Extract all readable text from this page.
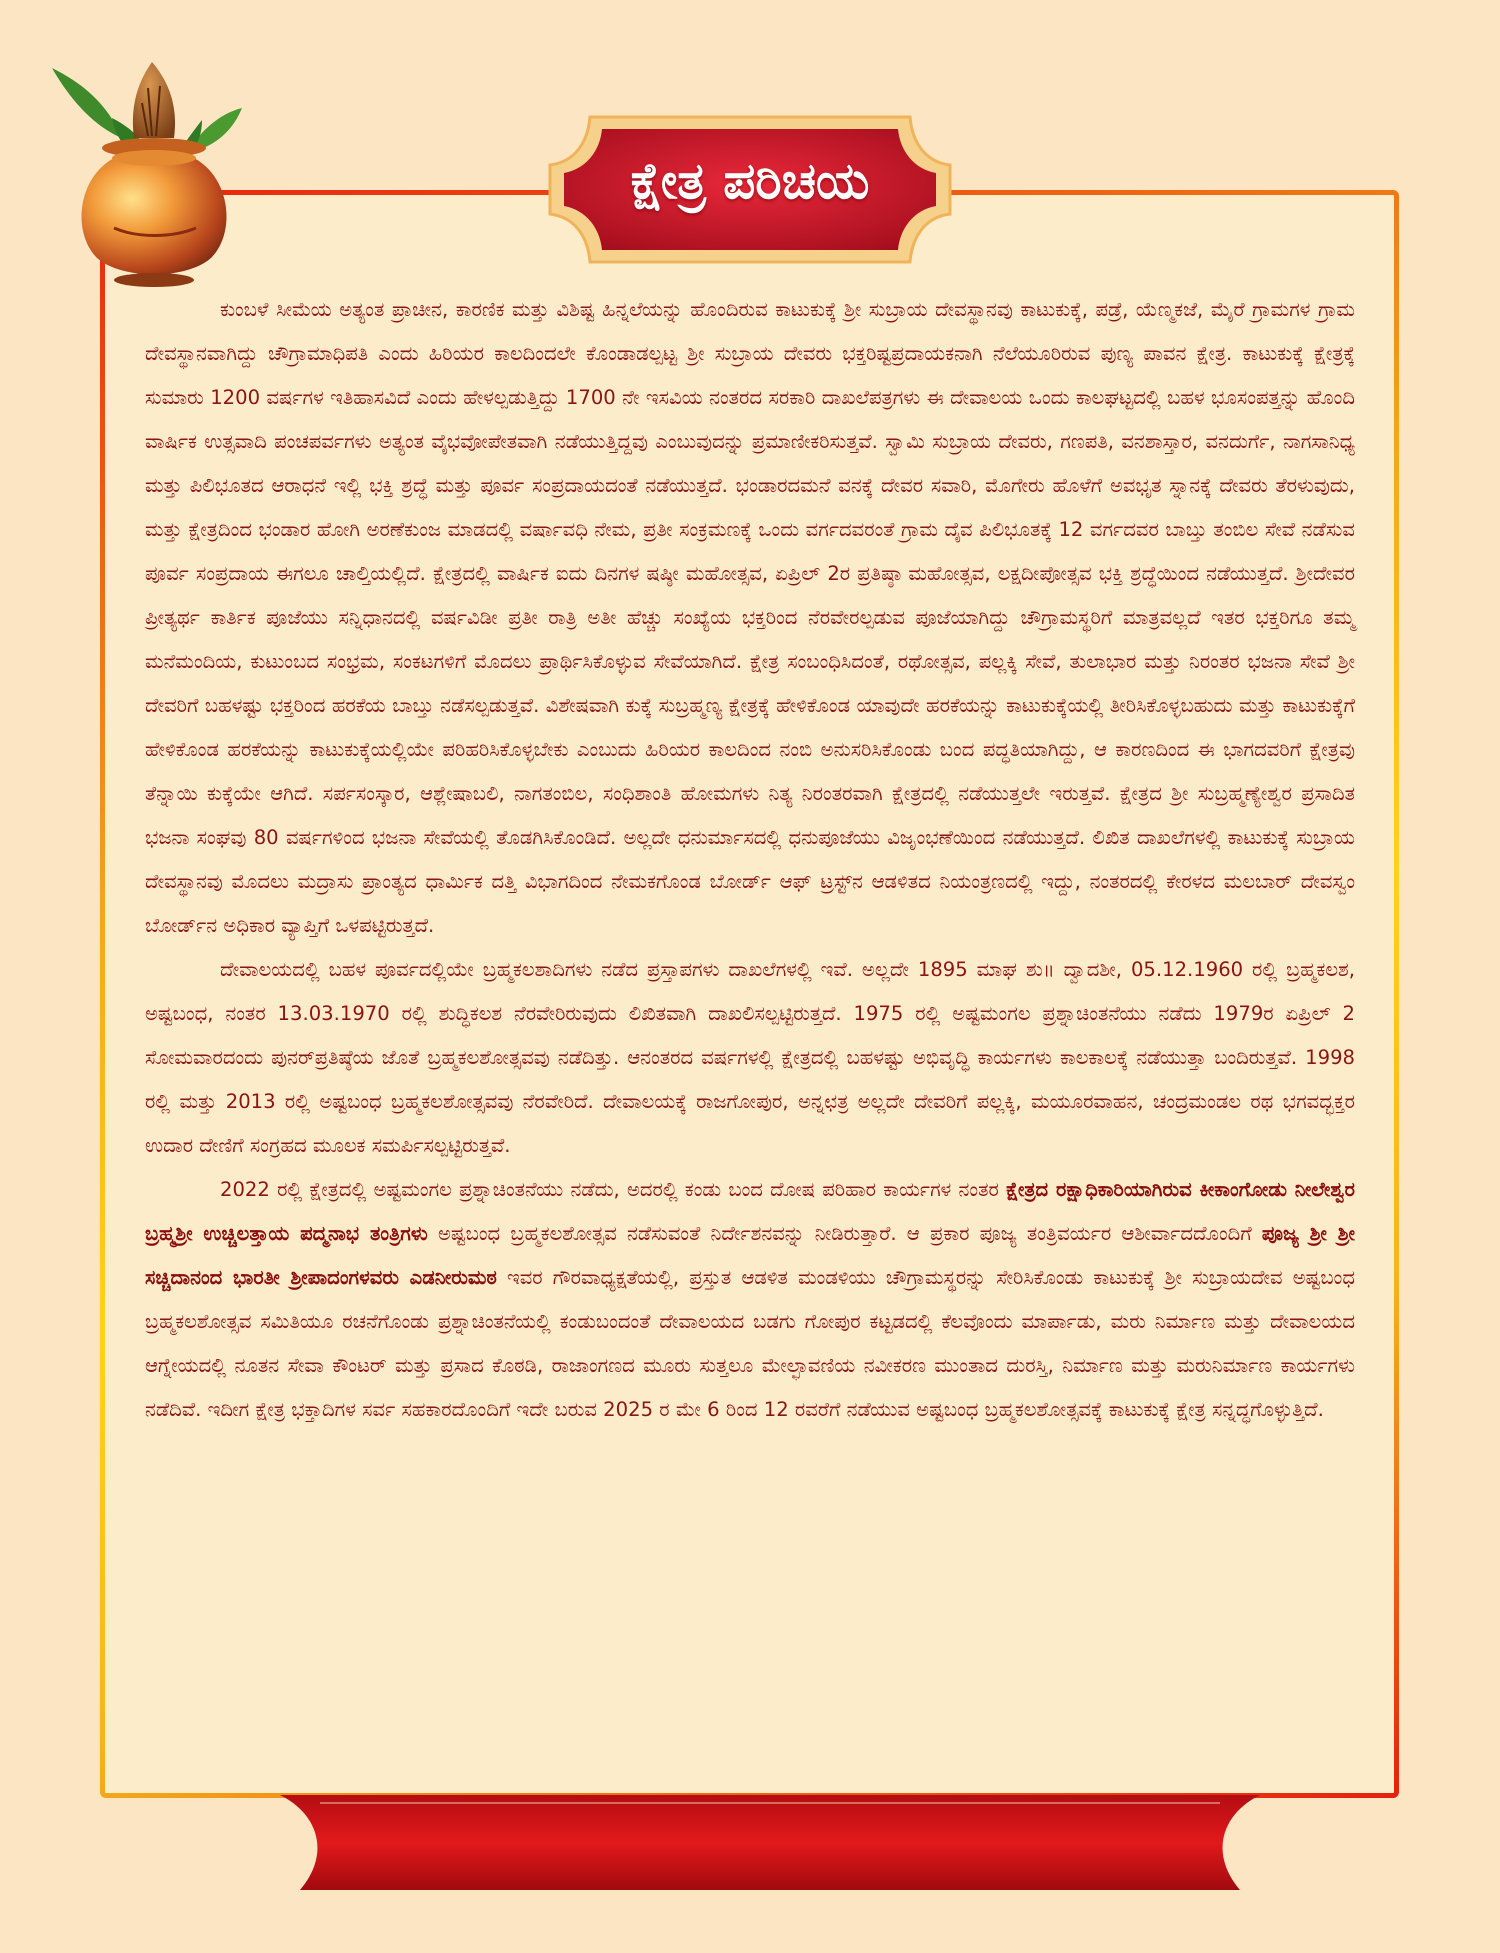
ಕ್ಷೇತ್ರ ಪರಿಚಯ

ಕುಂಬಳೆ ಸೀಮೆಯ ಅತ್ಯಂತ ಪ್ರಾಚೀನ, ಕಾರಣಿಕ ಮತ್ತು ವಿಶಿಷ್ಟ ಹಿನ್ನಲೆಯನ್ನು ಹೊಂದಿರುವ ಕಾಟುಕುಕ್ಕೆ ಶ್ರೀ ಸುಬ್ರಾಯ ದೇವಸ್ಥಾನವು ಕಾಟುಕುಕ್ಕೆ, ಪಡ್ರೆ, ಯೆಣ್ಮಕಜೆ, ಮೈರೆ ಗ್ರಾಮಗಳ ಗ್ರಾಮ ದೇವಸ್ಥಾನವಾಗಿದ್ದು ಚೌಗ್ರಾಮಾಧಿಪತಿ ಎಂದು ಹಿರಿಯರ ಕಾಲದಿಂದಲೇ ಕೊಂಡಾಡಲ್ಪಟ್ಟ ಶ್ರೀ ಸುಬ್ರಾಯ ದೇವರು ಭಕ್ತರಿಷ್ಟಪ್ರದಾಯಕನಾಗಿ ನೆಲೆಯೂರಿರುವ ಪುಣ್ಯ ಪಾವನ ಕ್ಷೇತ್ರ. ಕಾಟುಕುಕ್ಕೆ ಕ್ಷೇತ್ರಕ್ಕೆ ಸುಮಾರು 1200 ವರ್ಷಗಳ ಇತಿಹಾಸವಿದೆ ಎಂದು ಹೇಳಲ್ಪಡುತ್ತಿದ್ದು 1700 ನೇ ಇಸವಿಯ ನಂತರದ ಸರಕಾರಿ ದಾಖಲೆಪತ್ರಗಳು ಈ ದೇವಾಲಯ ಒಂದು ಕಾಲಘಟ್ಟದಲ್ಲಿ ಬಹಳ ಭೂಸಂಪತ್ತನ್ನು ಹೊಂದಿ ವಾರ್ಷಿಕ ಉತ್ಸವಾದಿ ಪಂಚಪರ್ವಗಳು ಅತ್ಯಂತ ವೈಭವೋಪೇತವಾಗಿ ನಡೆಯುತ್ತಿದ್ದವು ಎಂಬುವುದನ್ನು ಪ್ರಮಾಣೀಕರಿಸುತ್ತವೆ. ಸ್ವಾಮಿ ಸುಬ್ರಾಯ ದೇವರು, ಗಣಪತಿ, ವನಶಾಸ್ತಾರ, ವನದುರ್ಗೆ, ನಾಗಸಾನಿಧ್ಯ ಮತ್ತು ಪಿಲಿಭೂತದ ಆರಾಧನೆ ಇಲ್ಲಿ ಭಕ್ತಿ ಶ್ರದ್ಧೆ ಮತ್ತು ಪೂರ್ವ ಸಂಪ್ರದಾಯದಂತೆ ನಡೆಯುತ್ತದೆ. ಭಂಡಾರದಮನೆ ವನಕ್ಕೆ ದೇವರ ಸವಾರಿ, ಮೊಗೇರು ಹೊಳೆಗೆ ಅವಭೃತ ಸ್ನಾನಕ್ಕೆ ದೇವರು ತೆರಳುವುದು, ಮತ್ತು ಕ್ಷೇತ್ರದಿಂದ ಭಂಡಾರ ಹೋಗಿ ಅರಣೆಕುಂಜ ಮಾಡದಲ್ಲಿ ವರ್ಷಾವಧಿ ನೇಮ, ಪ್ರತೀ ಸಂಕ್ರಮಣಕ್ಕೆ ಒಂದು ವರ್ಗದವರಂತೆ ಗ್ರಾಮ ದೈವ ಪಿಲಿಭೂತಕ್ಕೆ 12 ವರ್ಗದವರ ಬಾಬ್ತು ತಂಬಿಲ ಸೇವೆ ನಡೆಸುವ ಪೂರ್ವ ಸಂಪ್ರದಾಯ ಈಗಲೂ ಚಾಲ್ತಿಯಲ್ಲಿದೆ. ಕ್ಷೇತ್ರದಲ್ಲಿ ವಾರ್ಷಿಕ ಐದು ದಿನಗಳ ಷಷ್ಠೀ ಮಹೋತ್ಸವ, ಏಪ್ರಿಲ್ 2ರ ಪ್ರತಿಷ್ಠಾ ಮಹೋತ್ಸವ, ಲಕ್ಷದೀಪೋತ್ಸವ ಭಕ್ತಿ ಶ್ರದ್ಧೆಯಿಂದ ನಡೆಯುತ್ತದೆ. ಶ್ರೀದೇವರ ಪ್ರೀತ್ಯರ್ಥ ಕಾರ್ತಿಕ ಪೂಜೆಯು ಸನ್ನಿಧಾನದಲ್ಲಿ ವರ್ಷವಿಡೀ ಪ್ರತೀ ರಾತ್ರಿ ಅತೀ ಹೆಚ್ಚು ಸಂಖ್ಯೆಯ ಭಕ್ತರಿಂದ ನೆರವೇರಲ್ಪಡುವ ಪೂಜೆಯಾಗಿದ್ದು ಚೌಗ್ರಾಮಸ್ಥರಿಗೆ ಮಾತ್ರವಲ್ಲದೆ ಇತರ ಭಕ್ತರಿಗೂ ತಮ್ಮ ಮನೆಮಂದಿಯ, ಕುಟುಂಬದ ಸಂಭ್ರಮ, ಸಂಕಟಗಳಿಗೆ ಮೊದಲು ಪ್ರಾರ್ಥಿಸಿಕೊಳ್ಳುವ ಸೇವೆಯಾಗಿದೆ. ಕ್ಷೇತ್ರ ಸಂಬಂಧಿಸಿದಂತೆ, ರಥೋತ್ಸವ, ಪಲ್ಲಕ್ಕಿ ಸೇವೆ, ತುಲಾಭಾರ ಮತ್ತು ನಿರಂತರ ಭಜನಾ ಸೇವೆ ಶ್ರೀ ದೇವರಿಗೆ ಬಹಳಷ್ಟು ಭಕ್ತರಿಂದ ಹರಕೆಯ ಬಾಬ್ತು ನಡೆಸಲ್ಪಡುತ್ತವೆ. ವಿಶೇಷವಾಗಿ ಕುಕ್ಕೆ ಸುಬ್ರಹ್ಮಣ್ಯ ಕ್ಷೇತ್ರಕ್ಕೆ ಹೇಳಿಕೊಂಡ ಯಾವುದೇ ಹರಕೆಯನ್ನು ಕಾಟುಕುಕ್ಕೆಯಲ್ಲಿ ತೀರಿಸಿಕೊಳ್ಳಬಹುದು ಮತ್ತು ಕಾಟುಕುಕ್ಕೆಗೆ ಹೇಳಿಕೊಂಡ ಹರಕೆಯನ್ನು ಕಾಟುಕುಕ್ಕೆಯಲ್ಲಿಯೇ ಪರಿಹರಿಸಿಕೊಳ್ಳಬೇಕು ಎಂಬುದು ಹಿರಿಯರ ಕಾಲದಿಂದ ನಂಬಿ ಅನುಸರಿಸಿಕೊಂಡು ಬಂದ ಪದ್ಧತಿಯಾಗಿದ್ದು, ಆ ಕಾರಣದಿಂದ ಈ ಭಾಗದವರಿಗೆ ಕ್ಷೇತ್ರವು ತೆನ್ನಾಯಿ ಕುಕ್ಕೆಯೇ ಆಗಿದೆ. ಸರ್ಪಸಂಸ್ಕಾರ, ಆಶ್ಲೇಷಾಬಲಿ, ನಾಗತಂಬಿಲ, ಸಂಧಿಶಾಂತಿ ಹೋಮಗಳು ನಿತ್ಯ ನಿರಂತರವಾಗಿ ಕ್ಷೇತ್ರದಲ್ಲಿ ನಡೆಯುತ್ತಲೇ ಇರುತ್ತವೆ. ಕ್ಷೇತ್ರದ ಶ್ರೀ ಸುಬ್ರಹ್ಮಣ್ಯೇಶ್ವರ ಪ್ರಸಾದಿತ ಭಜನಾ ಸಂಘವು 80 ವರ್ಷಗಳಿಂದ ಭಜನಾ ಸೇವೆಯಲ್ಲಿ ತೊಡಗಿಸಿಕೊಂಡಿದೆ. ಅಲ್ಲದೇ ಧನುರ್ಮಾಸದಲ್ಲಿ ಧನುಪೂಜೆಯು ವಿಜೃಂಭಣೆಯಿಂದ ನಡೆಯುತ್ತದೆ. ಲಿಖಿತ ದಾಖಲೆಗಳಲ್ಲಿ ಕಾಟುಕುಕ್ಕೆ ಸುಬ್ರಾಯ ದೇವಸ್ಥಾನವು ಮೊದಲು ಮದ್ರಾಸು ಪ್ರಾಂತ್ಯದ ಧಾರ್ಮಿಕ ದತ್ತಿ ವಿಭಾಗದಿಂದ ನೇಮಕಗೊಂಡ ಬೋರ್ಡ್ ಆಫ್ ಟ್ರಸ್ಟ್‌ನ ಆಡಳಿತದ ನಿಯಂತ್ರಣದಲ್ಲಿ ಇದ್ದು, ನಂತರದಲ್ಲಿ ಕೇರಳದ ಮಲಬಾರ್ ದೇವಸ್ವಂ ಬೋರ್ಡ್‌ನ ಅಧಿಕಾರ ವ್ಯಾಪ್ತಿಗೆ ಒಳಪಟ್ಟಿರುತ್ತದೆ.

ದೇವಾಲಯದಲ್ಲಿ ಬಹಳ ಪೂರ್ವದಲ್ಲಿಯೇ ಬ್ರಹ್ಮಕಲಶಾದಿಗಳು ನಡೆದ ಪ್ರಸ್ತಾಪಗಳು ದಾಖಲೆಗಳಲ್ಲಿ ಇವೆ. ಅಲ್ಲದೇ 1895 ಮಾಘ ಶು॥ ದ್ವಾದಶೀ, 05.12.1960 ರಲ್ಲಿ ಬ್ರಹ್ಮಕಲಶ, ಅಷ್ಟಬಂಧ, ನಂತರ 13.03.1970 ರಲ್ಲಿ ಶುದ್ಧಿಕಲಶ ನೆರವೇರಿರುವುದು ಲಿಖಿತವಾಗಿ ದಾಖಲಿಸಲ್ಪಟ್ಟಿರುತ್ತದೆ. 1975 ರಲ್ಲಿ ಅಷ್ಟಮಂಗಲ ಪ್ರಶ್ನಾಚಿಂತನೆಯು ನಡೆದು 1979ರ ಏಪ್ರಿಲ್ 2 ಸೋಮವಾರದಂದು ಪುನರ್‌ಪ್ರತಿಷ್ಠೆಯ ಜೊತೆ ಬ್ರಹ್ಮಕಲಶೋತ್ಸವವು ನಡೆದಿತ್ತು. ಆನಂತರದ ವರ್ಷಗಳಲ್ಲಿ ಕ್ಷೇತ್ರದಲ್ಲಿ ಬಹಳಷ್ಟು ಅಭಿವೃದ್ಧಿ ಕಾರ್ಯಗಳು ಕಾಲಕಾಲಕ್ಕೆ ನಡೆಯುತ್ತಾ ಬಂದಿರುತ್ತವೆ. 1998 ರಲ್ಲಿ ಮತ್ತು 2013 ರಲ್ಲಿ ಅಷ್ಟಬಂಧ ಬ್ರಹ್ಮಕಲಶೋತ್ಸವವು ನೆರವೇರಿದೆ. ದೇವಾಲಯಕ್ಕೆ ರಾಜಗೋಪುರ, ಅನ್ನಛತ್ರ ಅಲ್ಲದೇ ದೇವರಿಗೆ ಪಲ್ಲಕ್ಕಿ, ಮಯೂರವಾಹನ, ಚಂದ್ರಮಂಡಲ ರಥ ಭಗವದ್ಭಕ್ತರ ಉದಾರ ದೇಣಿಗೆ ಸಂಗ್ರಹದ ಮೂಲಕ ಸಮರ್ಪಿಸಲ್ಪಟ್ಟಿರುತ್ತವೆ.

2022 ರಲ್ಲಿ ಕ್ಷೇತ್ರದಲ್ಲಿ ಅಷ್ಟಮಂಗಲ ಪ್ರಶ್ನಾಚಿಂತನೆಯು ನಡೆದು, ಅದರಲ್ಲಿ ಕಂಡು ಬಂದ ದೋಷ ಪರಿಹಾರ ಕಾರ್ಯಗಳ ನಂತರ ಕ್ಷೇತ್ರದ ರಕ್ಷಾಧಿಕಾರಿಯಾಗಿರುವ ಕೀಕಾಂಗೋಡು ನೀಲೇಶ್ವರ ಬ್ರಹ್ಮಶ್ರೀ ಉಚ್ಚಿಲತ್ತಾಯ ಪದ್ಮನಾಭ ತಂತ್ರಿಗಳು ಅಷ್ಟಬಂಧ ಬ್ರಹ್ಮಕಲಶೋತ್ಸವ ನಡೆಸುವಂತೆ ನಿರ್ದೇಶನವನ್ನು ನೀಡಿರುತ್ತಾರೆ. ಆ ಪ್ರಕಾರ ಪೂಜ್ಯ ತಂತ್ರಿವರ್ಯರ ಆಶೀರ್ವಾದದೊಂದಿಗೆ ಪೂಜ್ಯ ಶ್ರೀ ಶ್ರೀ ಸಚ್ಚಿದಾನಂದ ಭಾರತೀ ಶ್ರೀಪಾದಂಗಳವರು ಎಡನೀರುಮಠ ಇವರ ಗೌರವಾಧ್ಯಕ್ಷತೆಯಲ್ಲಿ, ಪ್ರಸ್ತುತ ಆಡಳಿತ ಮಂಡಳಿಯು ಚೌಗ್ರಾಮಸ್ಥರನ್ನು ಸೇರಿಸಿಕೊಂಡು ಕಾಟುಕುಕ್ಕೆ ಶ್ರೀ ಸುಬ್ರಾಯದೇವ ಅಷ್ಟಬಂಧ ಬ್ರಹ್ಮಕಲಶೋತ್ಸವ ಸಮಿತಿಯೂ ರಚನೆಗೊಂಡು ಪ್ರಶ್ನಾಚಿಂತನೆಯಲ್ಲಿ ಕಂಡುಬಂದಂತೆ ದೇವಾಲಯದ ಬಡಗು ಗೋಪುರ ಕಟ್ಟಡದಲ್ಲಿ ಕೆಲವೊಂದು ಮಾರ್ಪಾಡು, ಮರು ನಿರ್ಮಾಣ ಮತ್ತು ದೇವಾಲಯದ ಆಗ್ನೇಯದಲ್ಲಿ ನೂತನ ಸೇವಾ ಕೌಂಟರ್ ಮತ್ತು ಪ್ರಸಾದ ಕೊಠಡಿ, ರಾಜಾಂಗಣದ ಮೂರು ಸುತ್ತಲೂ ಮೇಲ್ಛಾವಣಿಯ ನವೀಕರಣ ಮುಂತಾದ ದುರಸ್ತಿ, ನಿರ್ಮಾಣ ಮತ್ತು ಮರುನಿರ್ಮಾಣ ಕಾರ್ಯಗಳು ನಡೆದಿವೆ. ಇದೀಗ ಕ್ಷೇತ್ರ ಭಕ್ತಾದಿಗಳ ಸರ್ವ ಸಹಕಾರದೊಂದಿಗೆ ಇದೇ ಬರುವ 2025 ರ ಮೇ 6 ರಿಂದ 12 ರವರೆಗೆ ನಡೆಯುವ ಅಷ್ಟಬಂಧ ಬ್ರಹ್ಮಕಲಶೋತ್ಸವಕ್ಕೆ ಕಾಟುಕುಕ್ಕೆ ಕ್ಷೇತ್ರ ಸನ್ನದ್ಧಗೊಳ್ಳುತ್ತಿದೆ.
